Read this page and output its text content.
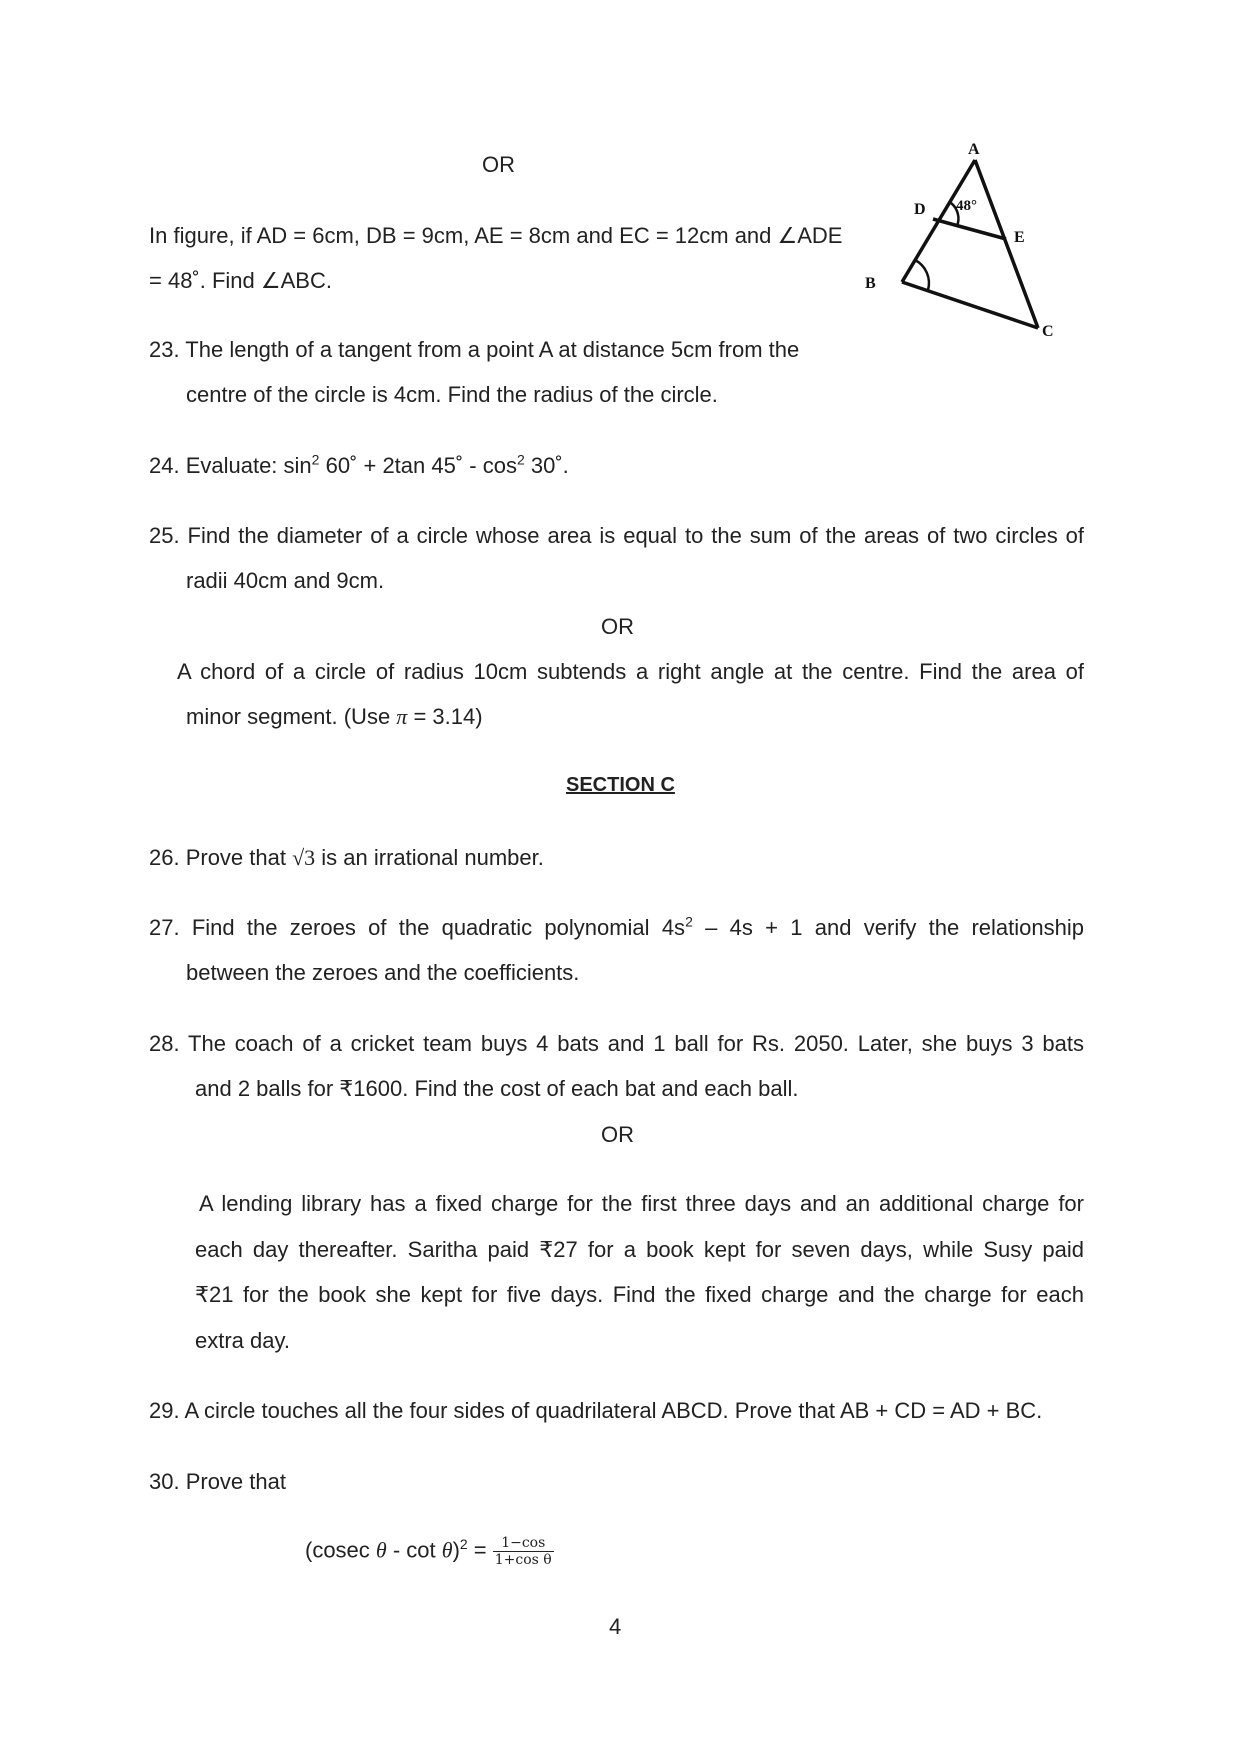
OR
In figure, if AD = 6cm, DB = 9cm, AE = 8cm and EC = 12cm and ∠ADE
= 48˚. Find ∠ABC.
A
D 48°
E
B
C
23. The length of a tangent from a point A at distance 5cm from the
centre of the circle is 4cm. Find the radius of the circle.
24. Evaluate: $\sin^2$ 60˚ + 2tan 45˚ - $\cos^2$ 30˚.
25. Find the diameter of a circle whose area is equal to the sum of the areas of two circles of
radii 40cm and 9cm.
OR
A chord of a circle of radius 10cm subtends a right angle at the centre. Find the area of
minor segment. (Use π = 3.14)
SECTION C
26. Prove that √3 is an irrational number.
27. Find the zeroes of the quadratic polynomial $4s^2 - 4s + 1$ and verify the relationship
between the zeroes and the coefficients.
28. The coach of a cricket team buys 4 bats and 1 ball for Rs. 2050. Later, she buys 3 bats
and 2 balls for ₹1600. Find the cost of each bat and each ball.
OR
A lending library has a fixed charge for the first three days and an additional charge for
each day thereafter. Saritha paid ₹27 for a book kept for seven days, while Susy paid
₹21 for the book she kept for five days. Find the fixed charge and the charge for each
extra day.
29. A circle touches all the four sides of quadrilateral ABCD. Prove that AB + CD = AD + BC.
30. Prove that
(cosec $\theta - \cot \theta)^2 = \frac{1-\cos}{\text{1+cos θ}}$
4
